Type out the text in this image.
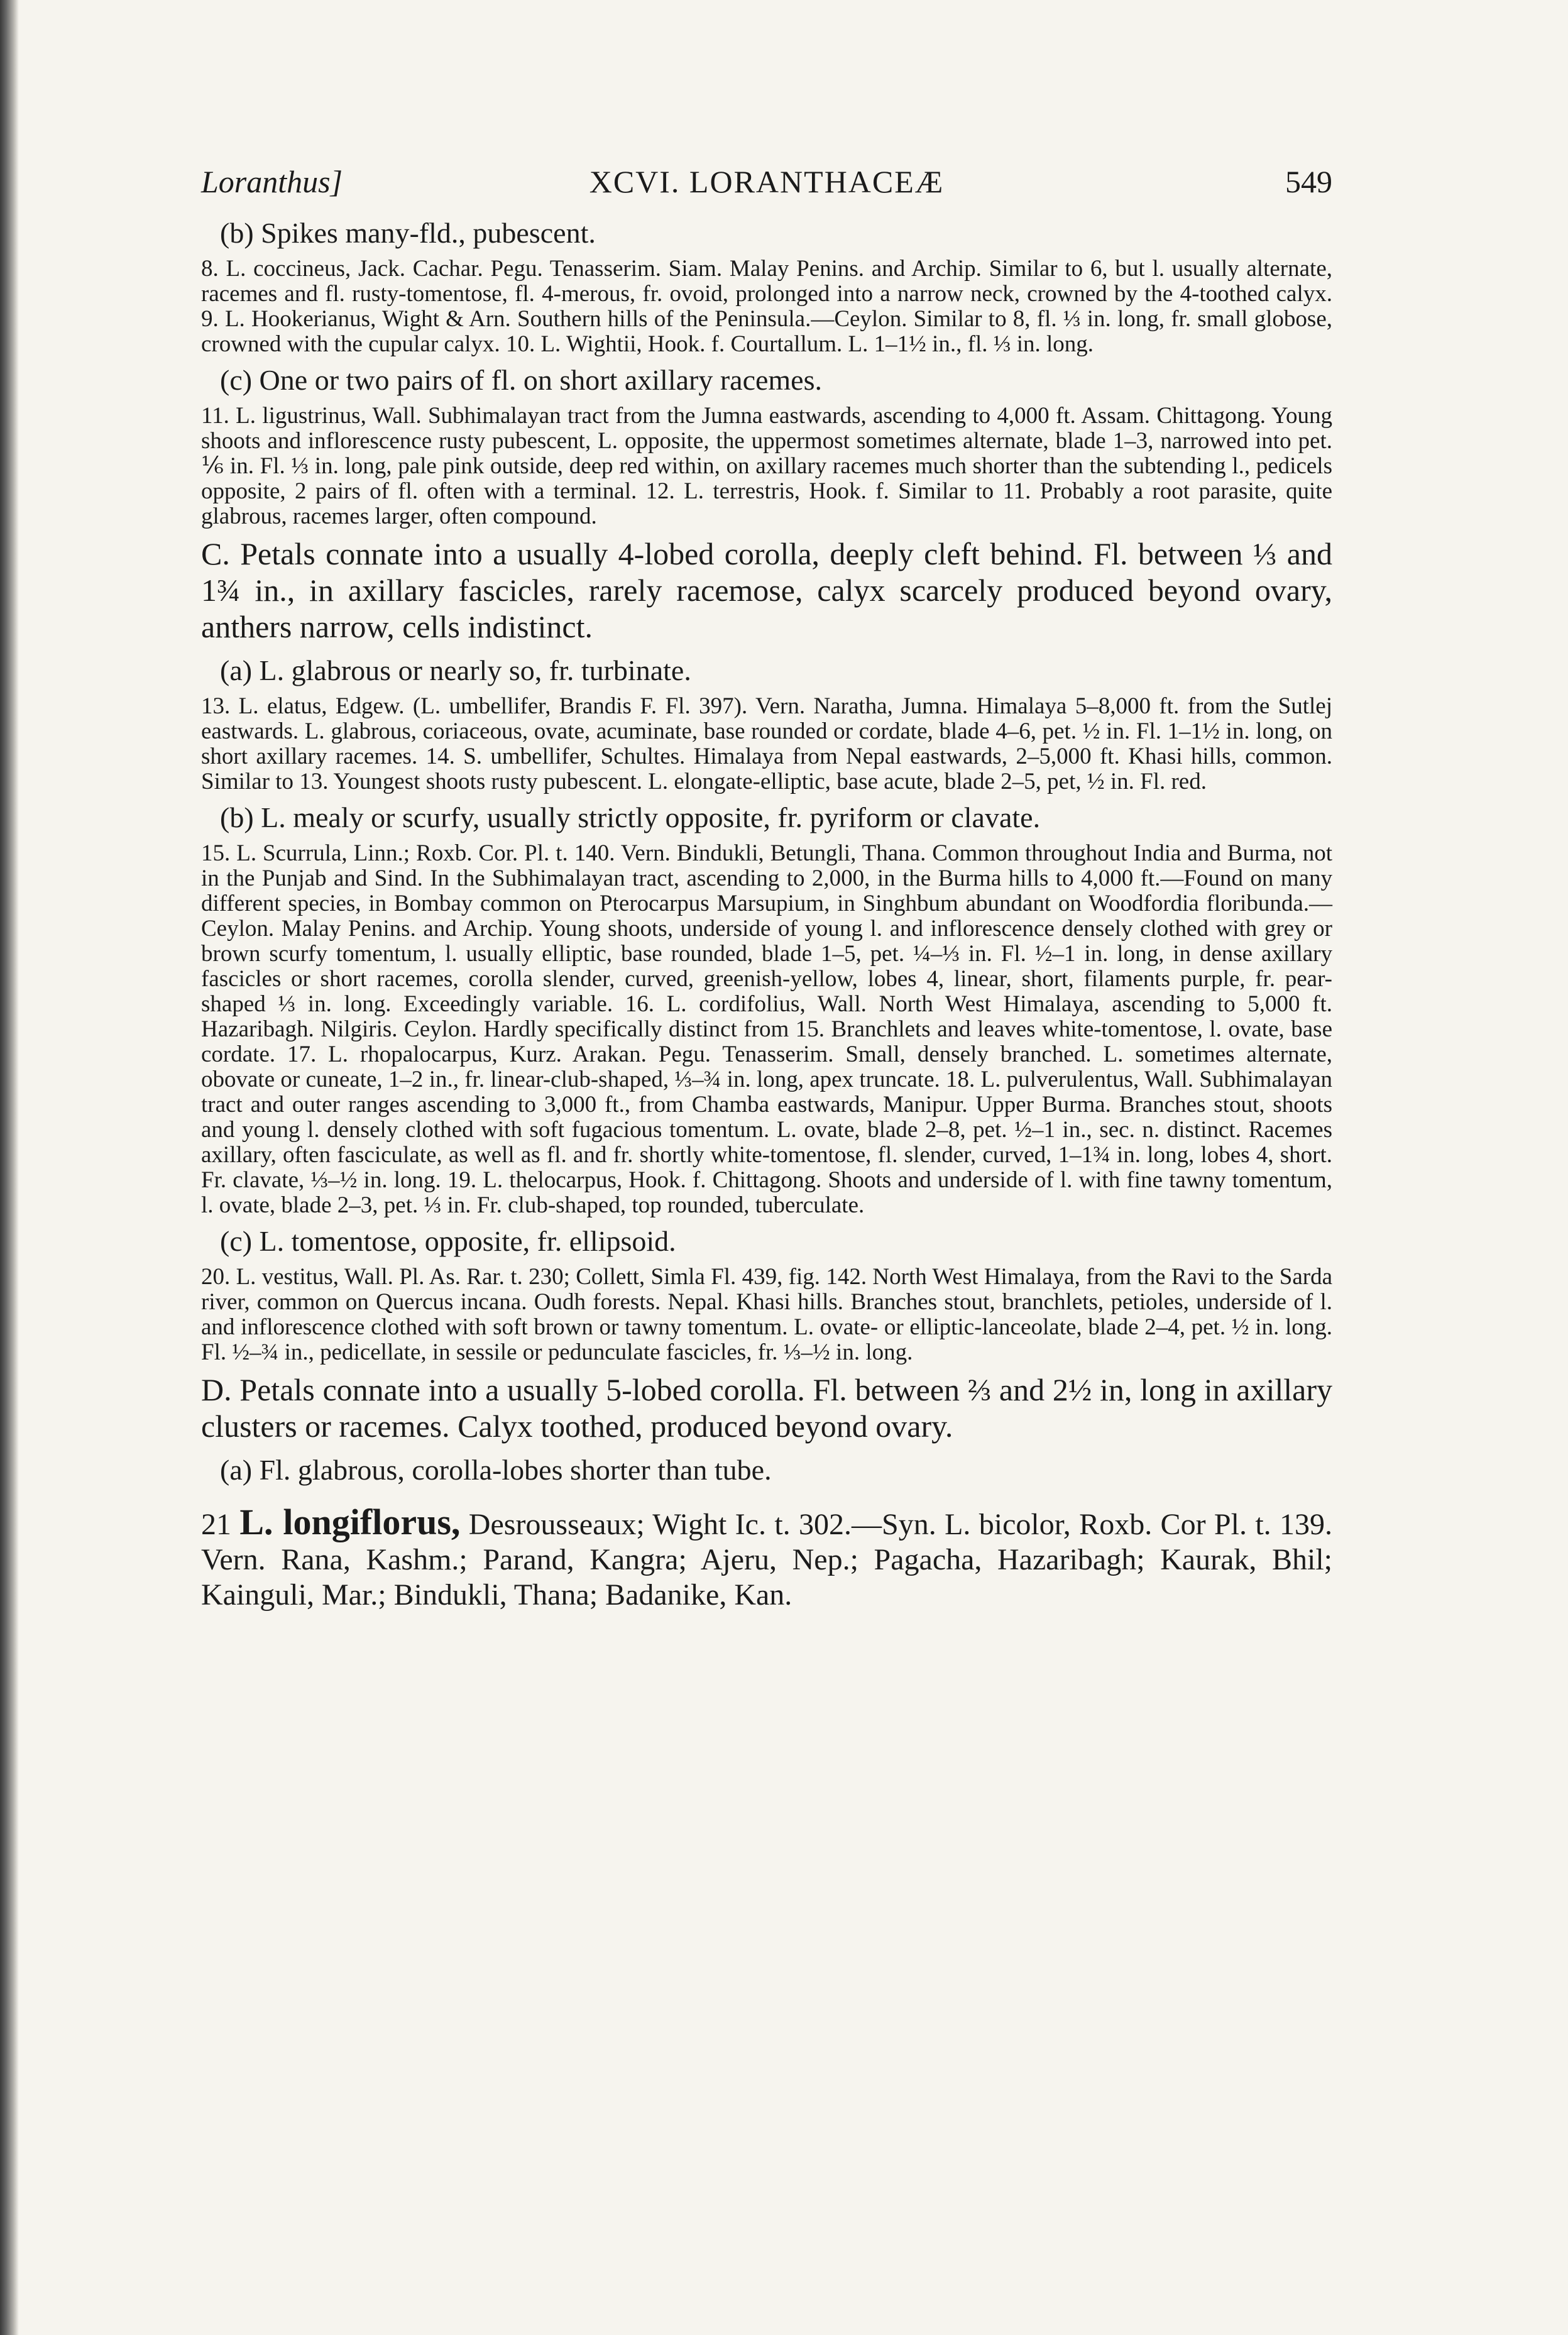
Loranthus]	XCVI. LORANTHACEÆ	549
(b) Spikes many-fld., pubescent.

8. L. coccineus, Jack. Cachar. Pegu. Tenasserim. Siam. Malay Penins. and Archip. Similar to 6, but l. usually alternate, racemes and fl. rusty-tomentose, fl. 4-merous, fr. ovoid, prolonged into a narrow neck, crowned by the 4-toothed calyx. 9. L. Hookerianus, Wight & Arn. Southern hills of the Peninsula.—Ceylon. Similar to 8, fl. ⅓ in. long, fr. small globose, crowned with the cupular calyx. 10. L. Wightii, Hook. f. Courtallum. L. 1–1½ in., fl. ⅓ in. long.

(c) One or two pairs of fl. on short axillary racemes.

11. L. ligustrinus, Wall. Subhimalayan tract from the Jumna eastwards, ascending to 4,000 ft. Assam. Chittagong. Young shoots and inflorescence rusty pubescent, L. opposite, the uppermost sometimes alternate, blade 1–3, narrowed into pet. ⅙ in. Fl. ⅓ in. long, pale pink outside, deep red within, on axillary racemes much shorter than the subtending l., pedicels opposite, 2 pairs of fl. often with a terminal. 12. L. terrestris, Hook. f. Similar to 11. Probably a root parasite, quite glabrous, racemes larger, often compound.

C. Petals connate into a usually 4-lobed corolla, deeply cleft behind. Fl. between ⅓ and 1¾ in., in axillary fascicles, rarely racemose, calyx scarcely produced beyond ovary, anthers narrow, cells indistinct.

(a) L. glabrous or nearly so, fr. turbinate.

13. L. elatus, Edgew. (L. umbellifer, Brandis F. Fl. 397). Vern. Naratha, Jumna. Himalaya 5–8,000 ft. from the Sutlej eastwards. L. glabrous, coriaceous, ovate, acuminate, base rounded or cordate, blade 4–6, pet. ½ in. Fl. 1–1½ in. long, on short axillary racemes. 14. S. umbellifer, Schultes. Himalaya from Nepal eastwards, 2–5,000 ft. Khasi hills, common. Similar to 13. Youngest shoots rusty pubescent. L. elongate-elliptic, base acute, blade 2–5, pet, ½ in. Fl. red.

(b) L. mealy or scurfy, usually strictly opposite, fr. pyriform or clavate.

15. L. Scurrula, Linn.; Roxb. Cor. Pl. t. 140. Vern. Bindukli, Betungli, Thana. Common throughout India and Burma, not in the Punjab and Sind. In the Subhimalayan tract, ascending to 2,000, in the Burma hills to 4,000 ft.—Found on many different species, in Bombay common on Pterocarpus Marsupium, in Singhbum abundant on Woodfordia floribunda.—Ceylon. Malay Penins. and Archip. Young shoots, underside of young l. and inflorescence densely clothed with grey or brown scurfy tomentum, l. usually elliptic, base rounded, blade 1–5, pet. ¼–⅓ in. Fl. ½–1 in. long, in dense axillary fascicles or short racemes, corolla slender, curved, greenish-yellow, lobes 4, linear, short, filaments purple, fr. pear-shaped ⅓ in. long. Exceedingly variable. 16. L. cordifolius, Wall. North West Himalaya, ascending to 5,000 ft. Hazaribagh. Nilgiris. Ceylon. Hardly specifically distinct from 15. Branchlets and leaves white-tomentose, l. ovate, base cordate. 17. L. rhopalocarpus, Kurz. Arakan. Pegu. Tenasserim. Small, densely branched. L. sometimes alternate, obovate or cuneate, 1–2 in., fr. linear-club-shaped, ⅓–¾ in. long, apex truncate. 18. L. pulverulentus, Wall. Subhimalayan tract and outer ranges ascending to 3,000 ft., from Chamba eastwards, Manipur. Upper Burma. Branches stout, shoots and young l. densely clothed with soft fugacious tomentum. L. ovate, blade 2–8, pet. ½–1 in., sec. n. distinct. Racemes axillary, often fasciculate, as well as fl. and fr. shortly white-tomentose, fl. slender, curved, 1–1¾ in. long, lobes 4, short. Fr. clavate, ⅓–½ in. long. 19. L. thelocarpus, Hook. f. Chittagong. Shoots and underside of l. with fine tawny tomentum, l. ovate, blade 2–3, pet. ⅓ in. Fr. club-shaped, top rounded, tuberculate.

(c) L. tomentose, opposite, fr. ellipsoid.

20. L. vestitus, Wall. Pl. As. Rar. t. 230; Collett, Simla Fl. 439, fig. 142. North West Himalaya, from the Ravi to the Sarda river, common on Quercus incana. Oudh forests. Nepal. Khasi hills. Branches stout, branchlets, petioles, underside of l. and inflorescence clothed with soft brown or tawny tomentum. L. ovate- or elliptic-lanceolate, blade 2–4, pet. ½ in. long. Fl. ½–¾ in., pedicellate, in sessile or pedunculate fascicles, fr. ⅓–½ in. long.

D. Petals connate into a usually 5-lobed corolla. Fl. between ⅔ and 2½ in, long in axillary clusters or racemes. Calyx toothed, produced beyond ovary.

(a) Fl. glabrous, corolla-lobes shorter than tube.

21 L. longiflorus, Desrousseaux; Wight Ic. t. 302.—Syn. L. bicolor, Roxb. Cor Pl. t. 139. Vern. Rana, Kashm.; Parand, Kangra; Ajeru, Nep.; Pagacha, Hazaribagh; Kaurak, Bhil; Kainguli, Mar.; Bindukli, Thana; Badanike, Kan.
